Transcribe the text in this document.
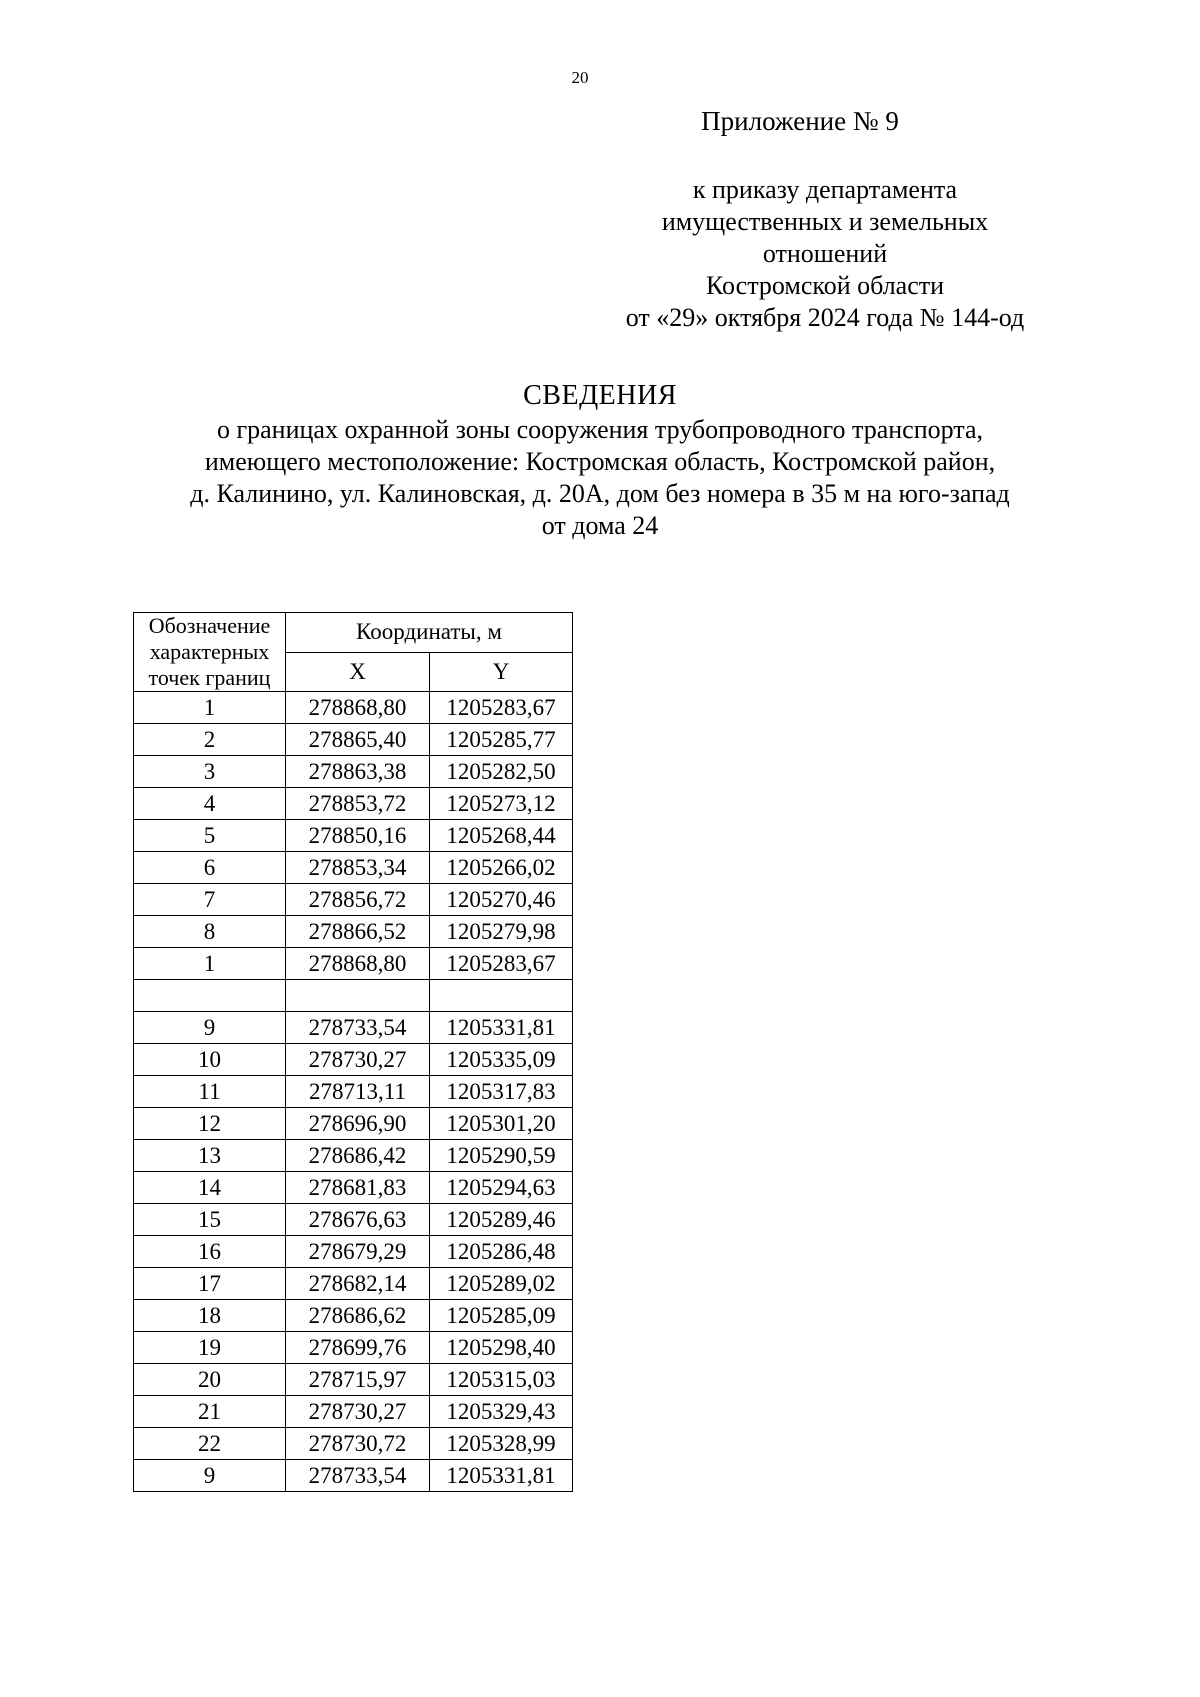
20
Приложение № 9
к приказу департамента
имущественных и земельных
отношений
Костромской области
от «29» октября 2024 года № 144-од
СВЕДЕНИЯ
о границах охранной зоны сооружения трубопроводного транспорта,
имеющего местоположение: Костромская область, Костромской район,
д. Калинино, ул. Калиновская, д. 20А, дом без номера в 35 м на юго-запад
от дома 24
Обозначение
характерных
точек границ	Координаты, м	
	X	Y
1	278868,80	1205283,67
2	278865,40	1205285,77
3	278863,38	1205282,50
4	278853,72	1205273,12
5	278850,16	1205268,44
6	278853,34	1205266,02
7	278856,72	1205270,46
8	278866,52	1205279,98
1	278868,80	1205283,67

9	278733,54	1205331,81
10	278730,27	1205335,09
11	278713,11	1205317,83
12	278696,90	1205301,20
13	278686,42	1205290,59
14	278681,83	1205294,63
15	278676,63	1205289,46
16	278679,29	1205286,48
17	278682,14	1205289,02
18	278686,62	1205285,09
19	278699,76	1205298,40
20	278715,97	1205315,03
21	278730,27	1205329,43
22	278730,72	1205328,99
9	278733,54	1205331,81
